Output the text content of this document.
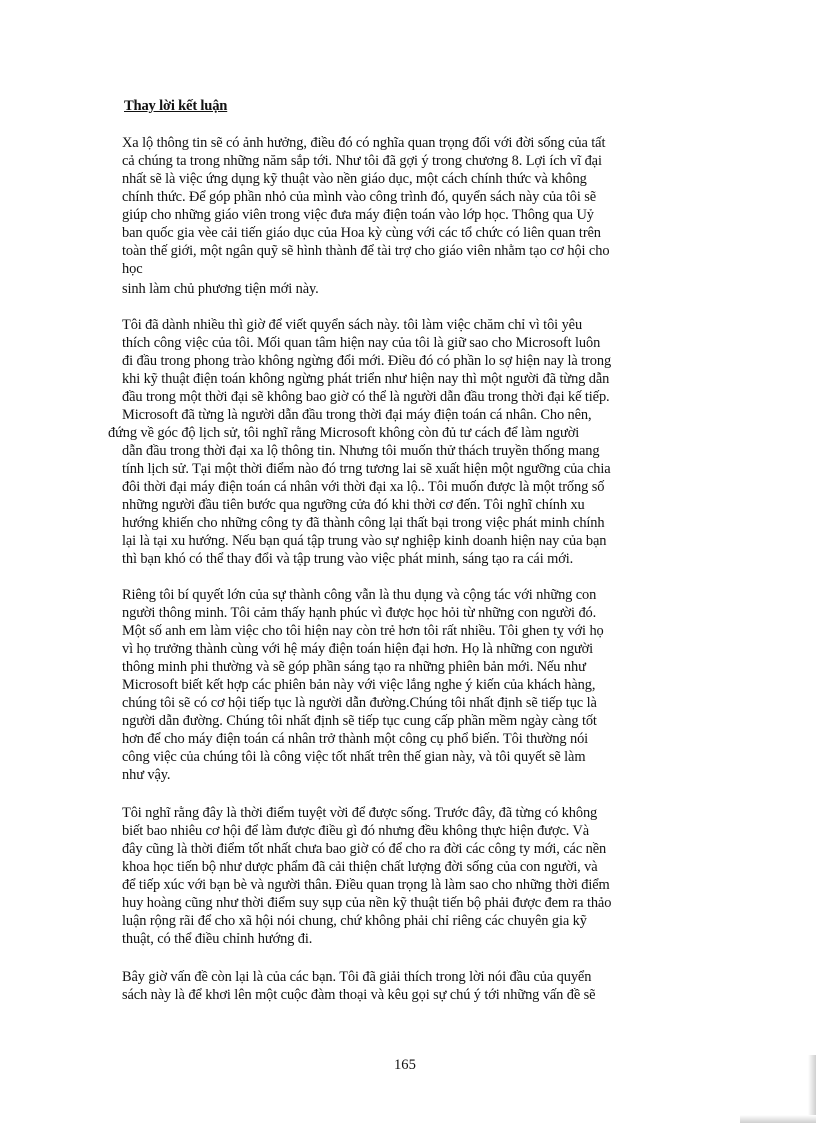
Thay lời kết luận
Xa lộ thông tin sẽ có ảnh hưởng, điều đó có nghĩa quan trọng đối với đời sống của tất
cả chúng ta trong những năm sắp tới. Như tôi đã gợi ý trong chương 8. Lợi ích vĩ đại
nhất sẽ là việc ứng dụng kỹ thuật vào nền giáo dục, một cách chính thức và không
chính thức. Để góp phần nhỏ của mình vào công trình đó, quyển sách này của tôi sẽ
giúp cho những giáo viên trong việc đưa máy điện toán vào lớp học. Thông qua Uỷ
ban quốc gia vèe cải tiến giáo dục của Hoa kỳ cùng với các tổ chức có liên quan trên
toàn thế giới, một ngân quỹ sẽ hình thành để tài trợ cho giáo viên nhằm tạo cơ hội cho
học
sinh làm chủ phương tiện mới này.
Tôi đã dành nhiều thì giờ để viết quyển sách này. tôi làm việc chăm chỉ vì tôi yêu
thích công việc của tôi. Mối quan tâm hiện nay của tôi là giữ sao cho Microsoft luôn
đi đầu trong phong trào không ngừng đổi mới. Điều đó có phần lo sợ hiện nay là trong
khi kỹ thuật điện toán không ngừng phát triển như hiện nay thì một người đã từng dẫn
đầu trong một thời đại sẽ không bao giờ có thể là người dẫn đầu trong thời đại kế tiếp.
Microsoft đã từng là người dẫn đầu trong thời đại máy điện toán cá nhân. Cho nên,
đứng về góc độ lịch sử, tôi nghĩ rằng Microsoft không còn đủ tư cách để làm người
dẫn đầu trong thời đại xa lộ thông tin. Nhưng tôi muốn thử thách truyền thống mang
tính lịch sử. Tại một thời điểm nào đó trng tương lai sẽ xuất hiện một ngưỡng của chia
đôi thời đại máy điện toán cá nhân với thời đại xa lộ.. Tôi muốn được là một trống số
những người đầu tiên bước qua ngưỡng cửa đó khi thời cơ đến. Tôi nghĩ chính xu
hướng khiến cho những công ty đã thành công lại thất bại trong việc phát minh chính
lại là tại xu hướng. Nếu bạn quá tập trung vào sự nghiệp kinh doanh hiện nay của bạn
thì bạn khó có thể thay đổi và tập trung vào việc phát minh, sáng tạo ra cái mới.
Riêng tôi bí quyết lớn của sự thành công vẫn là thu dụng và cộng tác với những con
người thông minh. Tôi cảm thấy hạnh phúc vì được học hỏi từ những con người đó.
Một số anh em làm việc cho tôi hiện nay còn trẻ hơn tôi rất nhiều. Tôi ghen tỵ với họ
vì họ trưởng thành cùng với hệ máy điện toán hiện đại hơn. Họ là những con người
thông minh phi thường và sẽ góp phần sáng tạo ra những phiên bản mới. Nếu như
Microsoft biết kết hợp các phiên bản này với việc lắng nghe ý kiến của khách hàng,
chúng tôi sẽ có cơ hội tiếp tục là người dẫn đường.Chúng tôi nhất định sẽ tiếp tục là
người dẫn đường. Chúng tôi nhất định sẽ tiếp tục cung cấp phần mềm ngày càng tốt
hơn để cho máy điện toán cá nhân trở thành một công cụ phổ biến. Tôi thường nói
công việc của chúng tôi là công việc tốt nhất trên thế gian này, và tôi quyết sẽ làm
như vậy.
Tôi nghĩ rằng đây là thời điểm tuyệt vời để được sống. Trước đây, đã từng có không
biết bao nhiêu cơ hội để làm được điều gì đó nhưng đều không thực hiện được. Và
đây cũng là thời điểm tốt nhất chưa bao giờ có để cho ra đời các công ty mới, các nền
khoa học tiến bộ như dược phẩm đã cải thiện chất lượng đời sống của con người, và
để tiếp xúc với bạn bè và người thân. Điều quan trọng là làm sao cho những thời điểm
huy hoàng cũng như thời điểm suy sụp của nền kỹ thuật tiến bộ phải được đem ra thảo
luận rộng rãi để cho xã hội nói chung, chứ không phải chỉ riêng các chuyên gia kỹ
thuật, có thể điều chỉnh hướng đi.
Bây giờ vấn đề còn lại là của các bạn. Tôi đã giải thích trong lời nói đầu của quyển
sách này là để khơi lên một cuộc đàm thoại và kêu gọi sự chú ý tới những vấn đề sẽ
165
